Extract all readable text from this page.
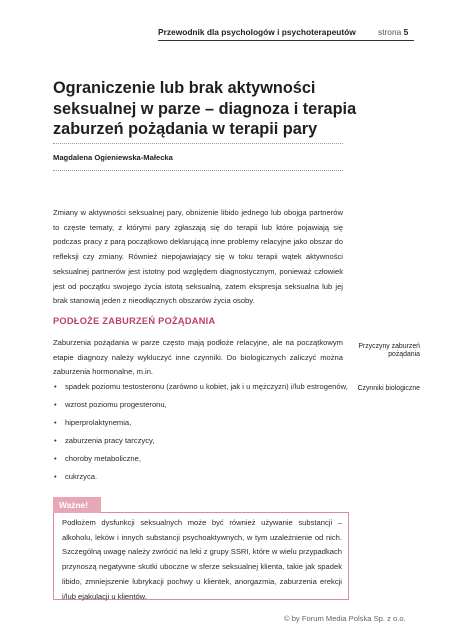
Przewodnik dla psychologów i psychoterapeutów	strona 5
Ograniczenie lub brak aktywności seksualnej w parze – diagnoza i terapia zaburzeń pożądania w terapii pary
Magdalena Ogieniewska-Małecka

Zmiany w aktywności seksualnej pary, obniżenie libido jednego lub obojga partnerów to częste tematy, z którymi pary zgłaszają się do terapii lub które pojawiają się podczas pracy z parą początkowo deklarującą inne problemy relacyjne jako obszar do refleksji czy zmiany. Również niepojawiający się w toku terapii wątek aktywności seksualnej partnerów jest istotny pod względem diagnostycznym, ponieważ człowiek jest od początku swojego życia istotą seksualną, zatem ekspresja seksualna lub jej brak stanowią jeden z nieodłącznych obszarów życia osoby.

PODŁOŻE ZABURZEŃ POŻĄDANIA

Zaburzenia pożądania w parze często mają podłoże relacyjne, ale na początkowym etapie diagnozy należy wykluczyć inne czynniki. Do biologicznych zaliczyć można zaburzenia hormonalne, m.in.

• spadek poziomu testosteronu (zarówno u kobiet, jak i u mężczyzn) i/lub estrogenów,
• wzrost poziomu progesteronu,
• hiperprolaktynemia,
• zaburzenia pracy tarczycy,
• choroby metaboliczne,
• cukrzyca.
Przyczyny zaburzeń pożądania
Czynniki biologiczne
Ważne!

Podłożem dysfunkcji seksualnych może być również używanie substancji – alkoholu, leków i innych substancji psychoaktywnych, w tym uzależnienie od nich. Szczególną uwagę należy zwrócić na leki z grupy SSRI, które w wielu przypadkach przynoszą negatywne skutki uboczne w sferze seksualnej klienta, takie jak spadek libido, zmniejszenie lubrykacji pochwy u klientek, anorgazmia, zaburzenia erekcji i/lub ejakulacji u klientów.

© by Forum Media Polska Sp. z o.o.
